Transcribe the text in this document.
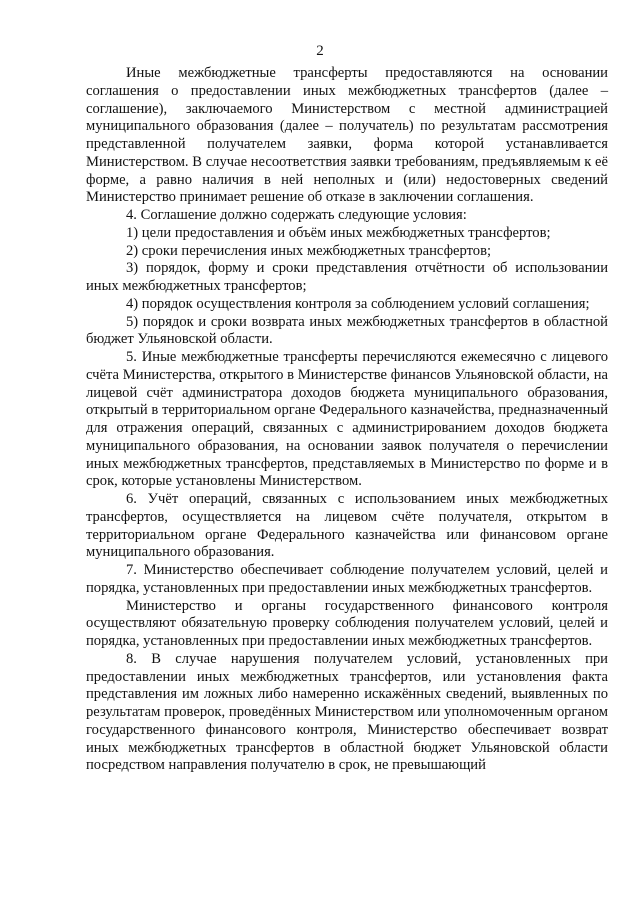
2

Иные межбюджетные трансферты предоставляются на основании соглашения о предоставлении иных межбюджетных трансфертов (далее – соглашение), заключаемого Министерством с местной администрацией муниципального образования (далее – получатель) по результатам рассмотрения представленной получателем заявки, форма которой устанавливается Министерством. В случае несоответствия заявки требованиям, предъявляемым к её форме, а равно наличия в ней неполных и (или) недостоверных сведений Министерство принимает решение об отказе в заключении соглашения.

4. Соглашение должно содержать следующие условия:

1) цели предоставления и объём иных межбюджетных трансфертов;

2) сроки перечисления иных межбюджетных трансфертов;

3) порядок, форму и сроки представления отчётности об использовании иных межбюджетных трансфертов;

4) порядок осуществления контроля за соблюдением условий соглашения;

5) порядок и сроки возврата иных межбюджетных трансфертов в областной бюджет Ульяновской области.

5. Иные межбюджетные трансферты перечисляются ежемесячно с лицевого счёта Министерства, открытого в Министерстве финансов Ульяновской области, на лицевой счёт администратора доходов бюджета муниципального образования, открытый в территориальном органе Федерального казначейства, предназначенный для отражения операций, связанных с администрированием доходов бюджета муниципального образования, на основании заявок получателя о перечислении иных межбюджетных трансфертов, представляемых в Министерство по форме и в срок, которые установлены Министерством.

6. Учёт операций, связанных с использованием иных межбюджетных трансфертов, осуществляется на лицевом счёте получателя, открытом в территориальном органе Федерального казначейства или финансовом органе муниципального образования.

7. Министерство обеспечивает соблюдение получателем условий, целей и порядка, установленных при предоставлении иных межбюджетных трансфертов.

Министерство и органы государственного финансового контроля осуществляют обязательную проверку соблюдения получателем условий, целей и порядка, установленных при предоставлении иных межбюджетных трансфертов.

8. В случае нарушения получателем условий, установленных при предоставлении иных межбюджетных трансфертов, или установления факта представления им ложных либо намеренно искажённых сведений, выявленных по результатам проверок, проведённых Министерством или уполномоченным органом государственного финансового контроля, Министерство обеспечивает возврат иных межбюджетных трансфертов в областной бюджет Ульяновской области посредством направления получателю в срок, не превышающий
